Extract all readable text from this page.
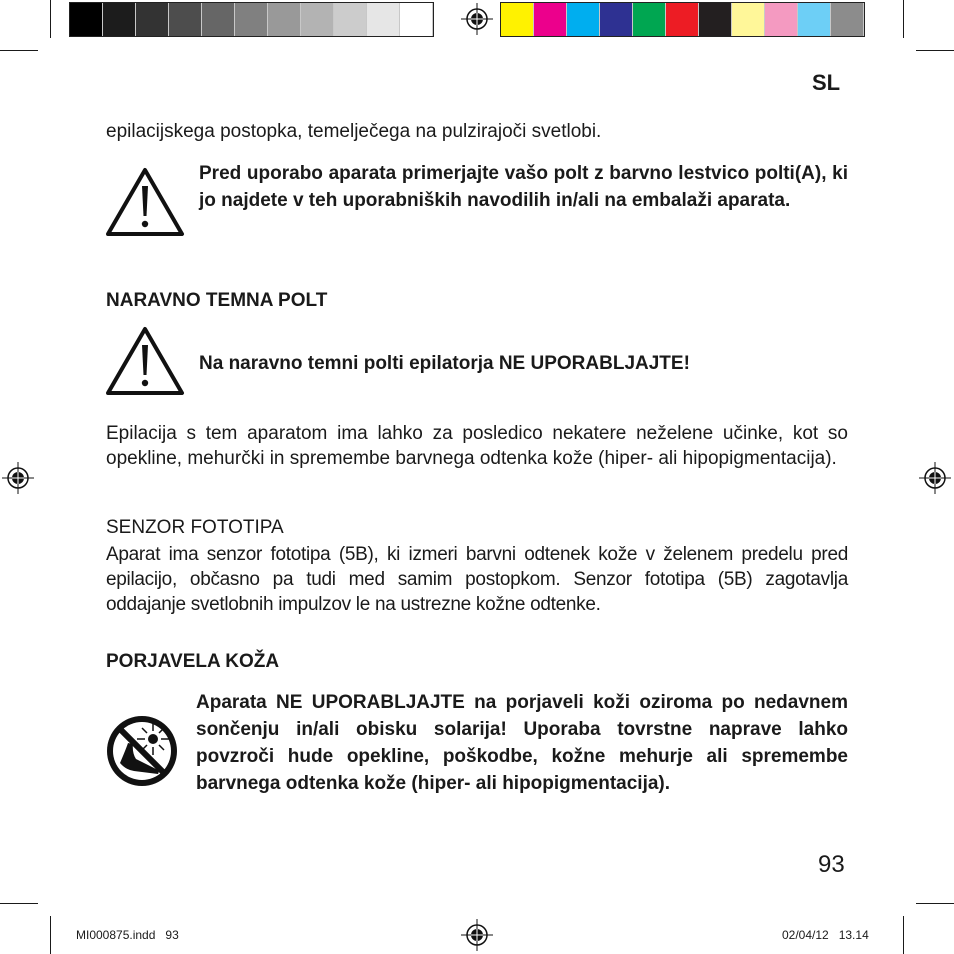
SL
epilacijskega postopka, temelječega na pulzirajoči svetlobi.
Pred uporabo aparata primerjajte vašo polt z barvno lestvico polti(A), ki jo najdete v teh uporabniških navodilih in/ali na embalaži aparata.
NARAVNO TEMNA POLT
Na naravno temni polti epilatorja NE UPORABLJAJTE!
Epilacija s tem aparatom ima lahko za posledico nekatere neželene učinke, kot so opekline, mehurčki in spremembe barvnega odtenka kože (hiper- ali hipopigmentacija).
SENZOR FOTOTIPA
Aparat ima senzor fototipa (5B), ki izmeri barvni odtenek kože v želenem predelu pred epilacijo, občasno pa tudi med samim postopkom. Senzor fototipa (5B) zagotavlja oddajanje svetlobnih impulzov le na ustrezne kožne odtenke.
PORJAVELA KOŽA
Aparata NE UPORABLJAJTE na porjaveli koži oziroma po nedavnem sončenju in/ali obisku solarija! Uporaba tovrstne naprave lahko povzroči hude opekline, poškodbe, kožne mehurje ali spremembe barvnega odtenka kože (hiper- ali hipopigmentacija).
93
MI000875.indd   93	02/04/12   13.14
